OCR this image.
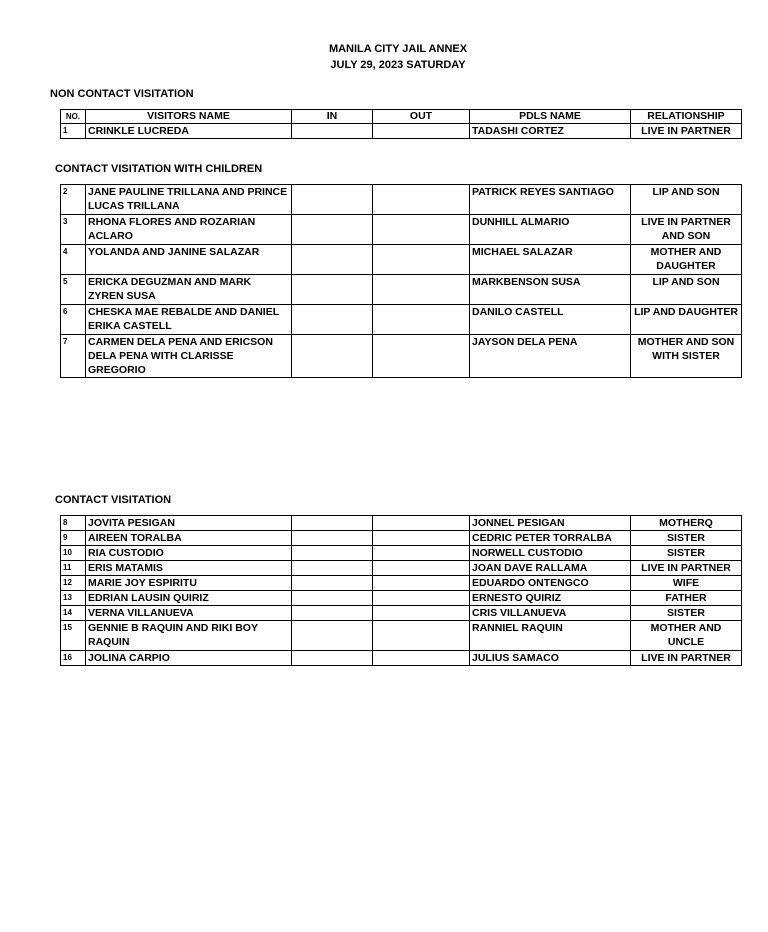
MANILA CITY JAIL ANNEX
JULY 29, 2023 SATURDAY
NON CONTACT VISITATION
NO.	VISITORS NAME	IN	OUT	PDLS NAME	RELATIONSHIP
1	CRINKLE LUCREDA			TADASHI CORTEZ	LIVE IN PARTNER
CONTACT VISITATION WITH CHILDREN
2	JANE PAULINE TRILLANA AND PRINCE LUCAS TRILLANA			PATRICK REYES SANTIAGO	LIP AND SON
3	RHONA FLORES AND ROZARIAN ACLARO			DUNHILL ALMARIO	LIVE IN PARTNER AND SON
4	YOLANDA AND JANINE SALAZAR			MICHAEL SALAZAR	MOTHER AND DAUGHTER
5	ERICKA DEGUZMAN AND MARK ZYREN SUSA			MARKBENSON SUSA	LIP AND SON
6	CHESKA MAE REBALDE AND DANIEL ERIKA CASTELL			DANILO CASTELL	LIP AND DAUGHTER
7	CARMEN DELA PENA AND ERICSON DELA PENA WITH CLARISSE GREGORIO			JAYSON DELA PENA	MOTHER AND SON WITH SISTER
CONTACT VISITATION
8	JOVITA PESIGAN			JONNEL PESIGAN	MOTHERQ
9	AIREEN TORALBA			CEDRIC PETER TORRALBA	SISTER
10	RIA CUSTODIO			NORWELL CUSTODIO	SISTER
11	ERIS MATAMIS			JOAN DAVE RALLAMA	LIVE IN PARTNER
12	MARIE JOY ESPIRITU			EDUARDO ONTENGCO	WIFE
13	EDRIAN LAUSIN QUIRIZ			ERNESTO QUIRIZ	FATHER
14	VERNA VILLANUEVA			CRIS VILLANUEVA	SISTER
15	GENNIE B RAQUIN AND RIKI BOY RAQUIN			RANNIEL RAQUIN	MOTHER AND UNCLE
16	JOLINA CARPIO			JULIUS SAMACO	LIVE IN PARTNER
